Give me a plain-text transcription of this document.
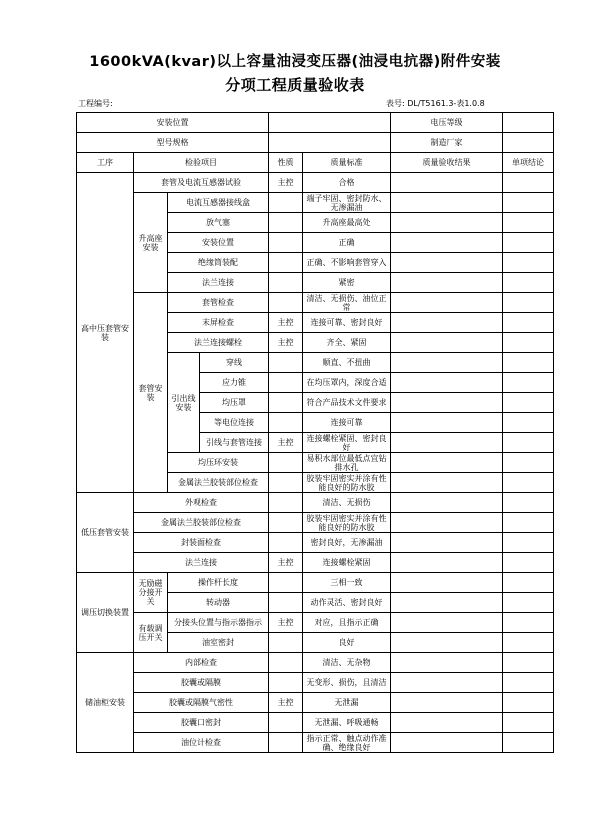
1600kVA(kvar)以上容量油浸变压器(油浸电抗器)附件安装
分项工程质量验收表
工程编号:	表号: DL/T5161.3-表1.0.8
安装位置						电压等级	
型号规格						制造厂家	
工序	检验项目			性质	质量标准	质量验收结果	单项结论
高中压套管安装	套管及电流互感器试验			主控	合格		
	升高座安装	电流互感器接线盒			端子牢固、密封防水、无渗漏油		
		放气塞			升高座最高处		
		安装位置			正确		
		绝缘筒装配			正确、不影响套管穿入		
		法兰连接			紧密		
	套管安装	套管检查			清洁、无损伤、油位正常		
		末屏检查		主控	连接可靠、密封良好		
		法兰连接螺栓		主控	齐全、紧固		
		引出线安装	穿线		顺直、不扭曲		
			应力锥		在均压罩内，深度合适		
			均压罩		符合产品技术文件要求		
			等电位连接		连接可靠		
			引线与套管连接	主控	连接螺栓紧固、密封良好		
		均压环安装			易积水部位最低点宜钻排水孔		
		金属法兰胶装部位检查			胶装牢固密实并涂有性能良好的防水胶		
低压套管安装	外观检查				清洁、无损伤		
	金属法兰胶装部位检查				胶装牢固密实并涂有性能良好的防水胶		
	封装面检查				密封良好，无渗漏油		
	法兰连接			主控	连接螺栓紧固		
调压切换装置	无励磁分接开关	操作杆长度			三相一致		
		转动器			动作灵活、密封良好		
	有载调压开关	分接头位置与指示器指示		主控	对应，且指示正确		
		油室密封			良好		
储油柜安装	内部检查				清洁、无杂物		
	胶囊或隔膜				无变形、损伤，且清洁		
	胶囊或隔膜气密性			主控	无泄漏		
	胶囊口密封				无泄漏、呼吸通畅		
	油位计检查				指示正常、触点动作准确、绝缘良好		
